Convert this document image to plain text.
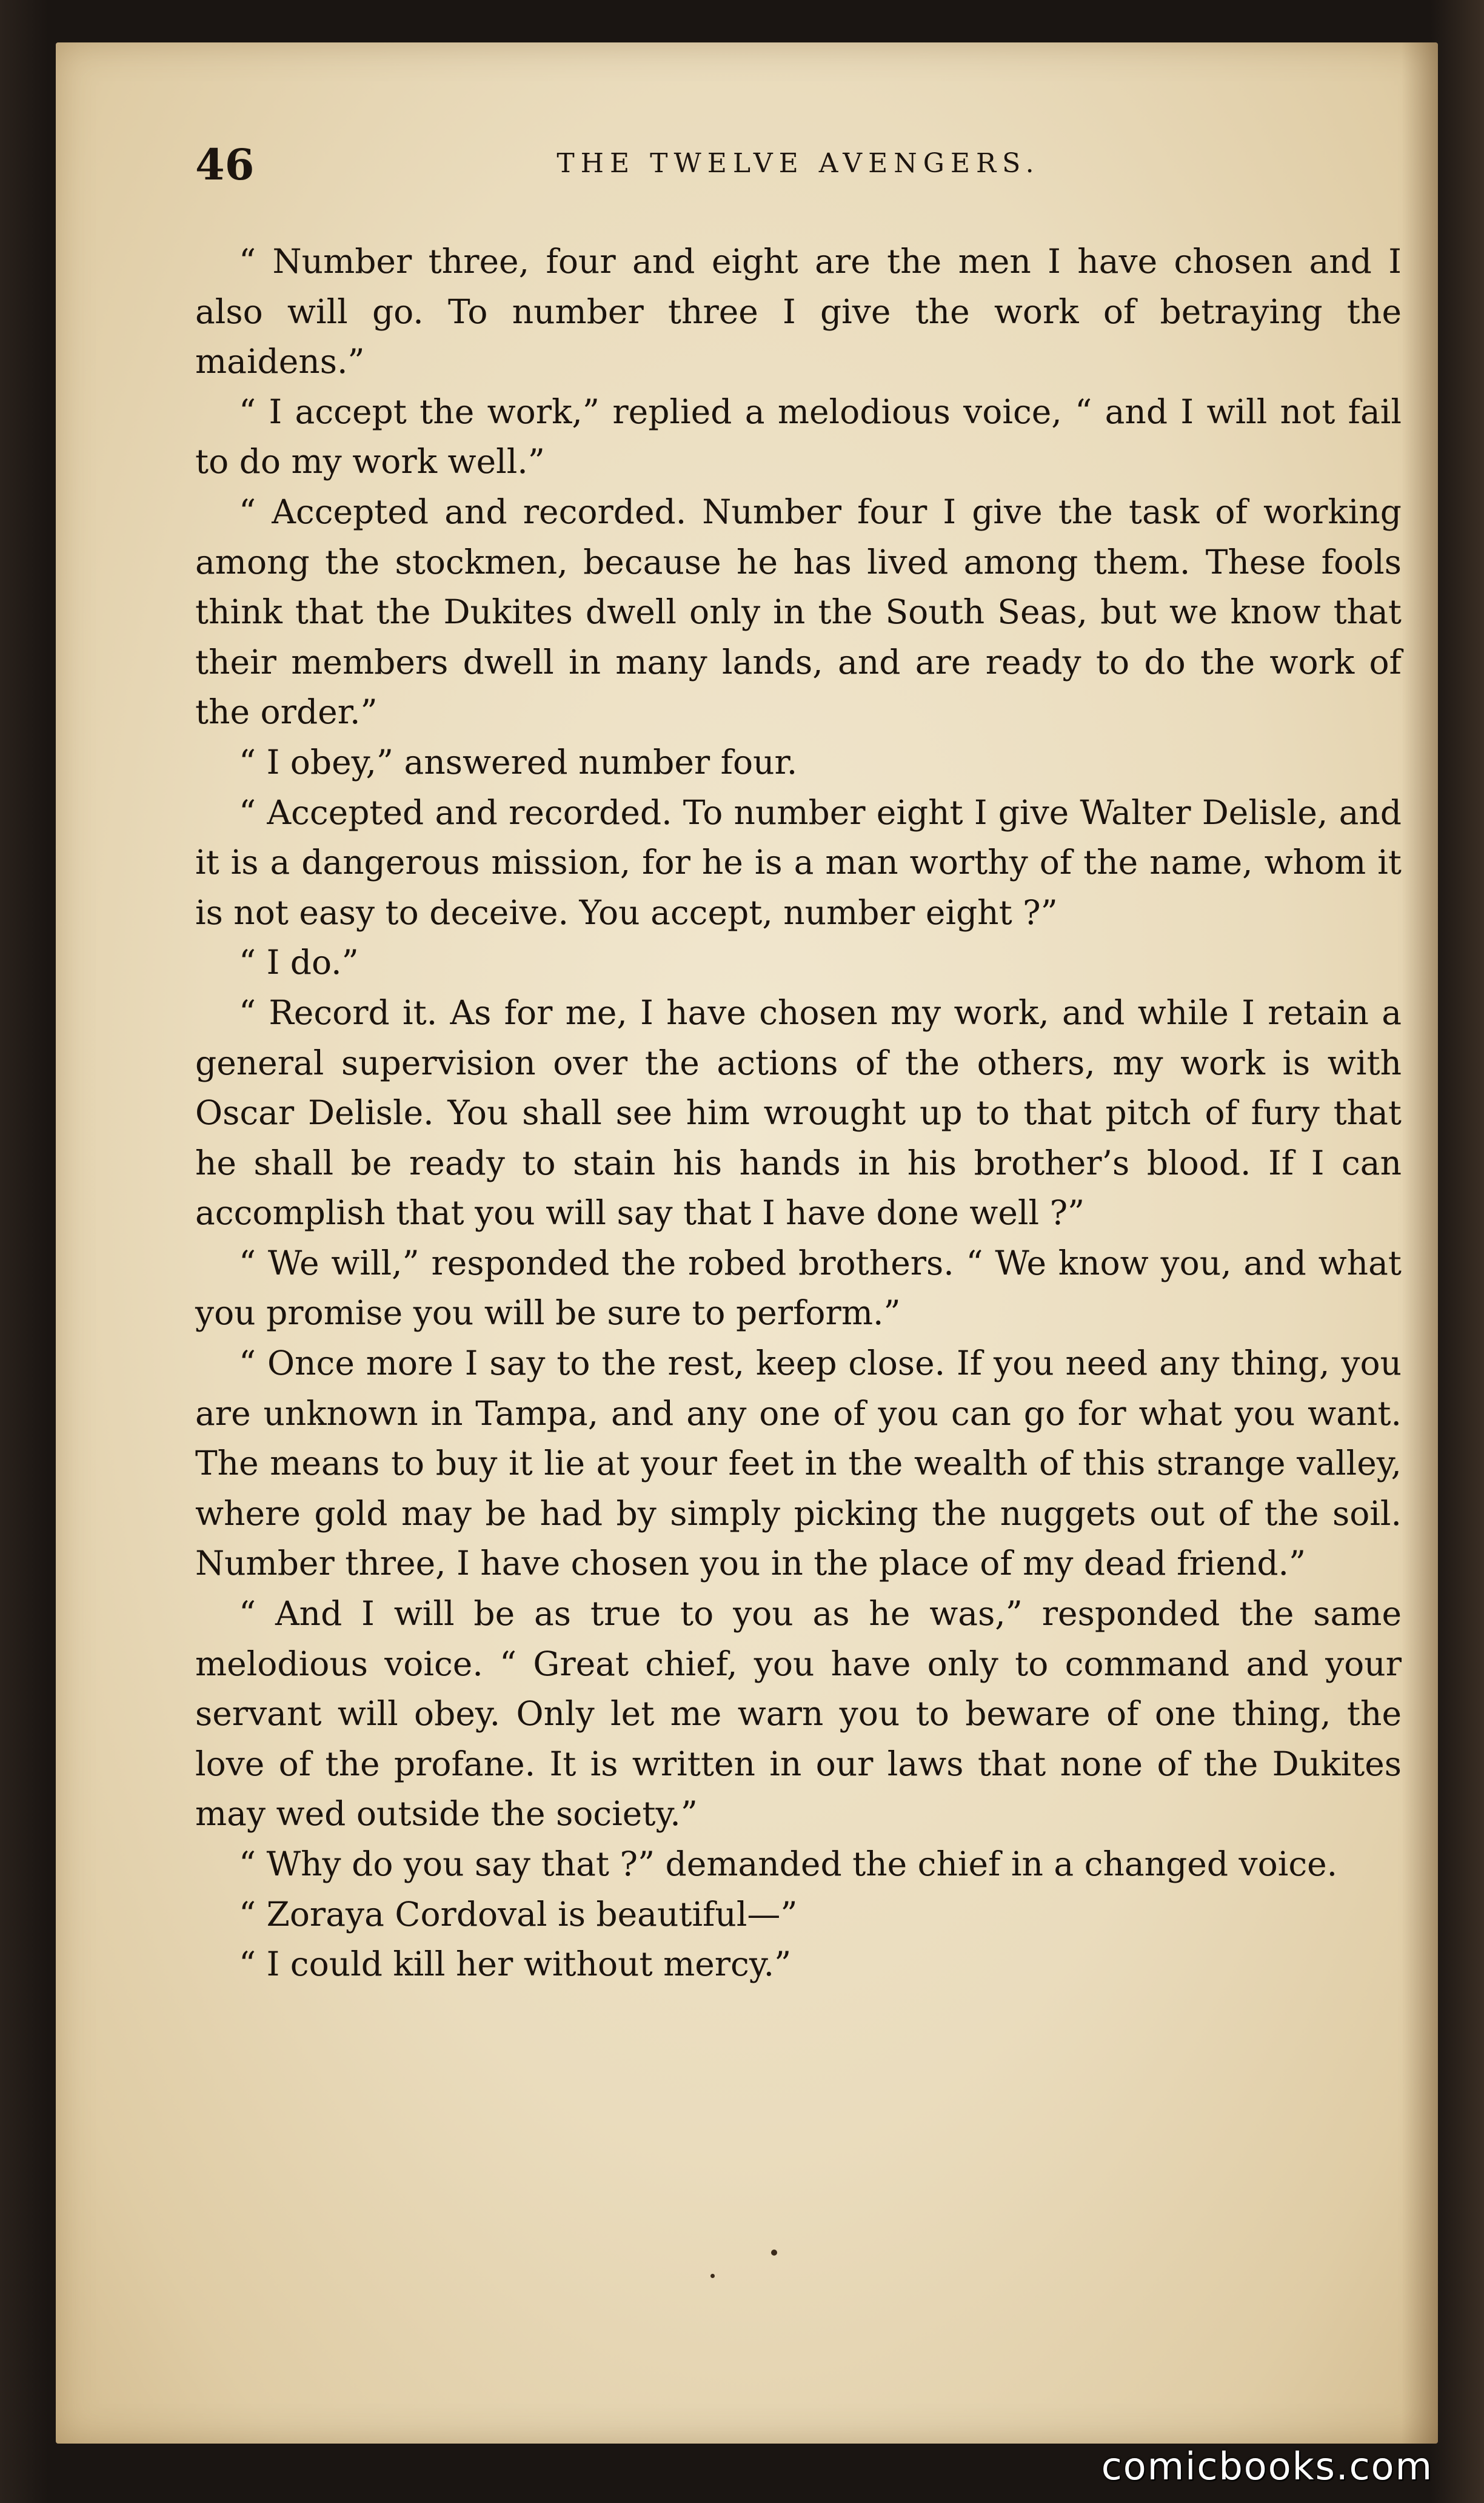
46	THE TWELVE AVENGERS.

“ Number three, four and eight are the men I have chosen and I also will go. To number three I give the work of betraying the maidens.”

“ I accept the work,” replied a melodious voice, “ and I will not fail to do my work well.”

“ Accepted and recorded. Number four I give the task of working among the stockmen, because he has lived among them. These fools think that the Dukites dwell only in the South Seas, but we know that their members dwell in many lands, and are ready to do the work of the order.”

“ I obey,” answered number four.

“ Accepted and recorded. To number eight I give Walter Delisle, and it is a dangerous mission, for he is a man worthy of the name, whom it is not easy to deceive. You accept, number eight ?”

“ I do.”

“ Record it. As for me, I have chosen my work, and while I retain a general supervision over the actions of the others, my work is with Oscar Delisle. You shall see him wrought up to that pitch of fury that he shall be ready to stain his hands in his brother’s blood. If I can accomplish that you will say that I have done well ?”

“ We will,” responded the robed brothers. “ We know you, and what you promise you will be sure to perform.”

“ Once more I say to the rest, keep close. If you need any thing, you are unknown in Tampa, and any one of you can go for what you want. The means to buy it lie at your feet in the wealth of this strange valley, where gold may be had by simply picking the nuggets out of the soil. Number three, I have chosen you in the place of my dead friend.”

“ And I will be as true to you as he was,” responded the same melodious voice. “ Great chief, you have only to command and your servant will obey. Only let me warn you to beware of one thing, the love of the profane. It is written in our laws that none of the Dukites may wed outside the society.”

“ Why do you say that ?” demanded the chief in a changed voice.

“ Zoraya Cordoval is beautiful—”

“ I could kill her without mercy.”

comicbooks.com
